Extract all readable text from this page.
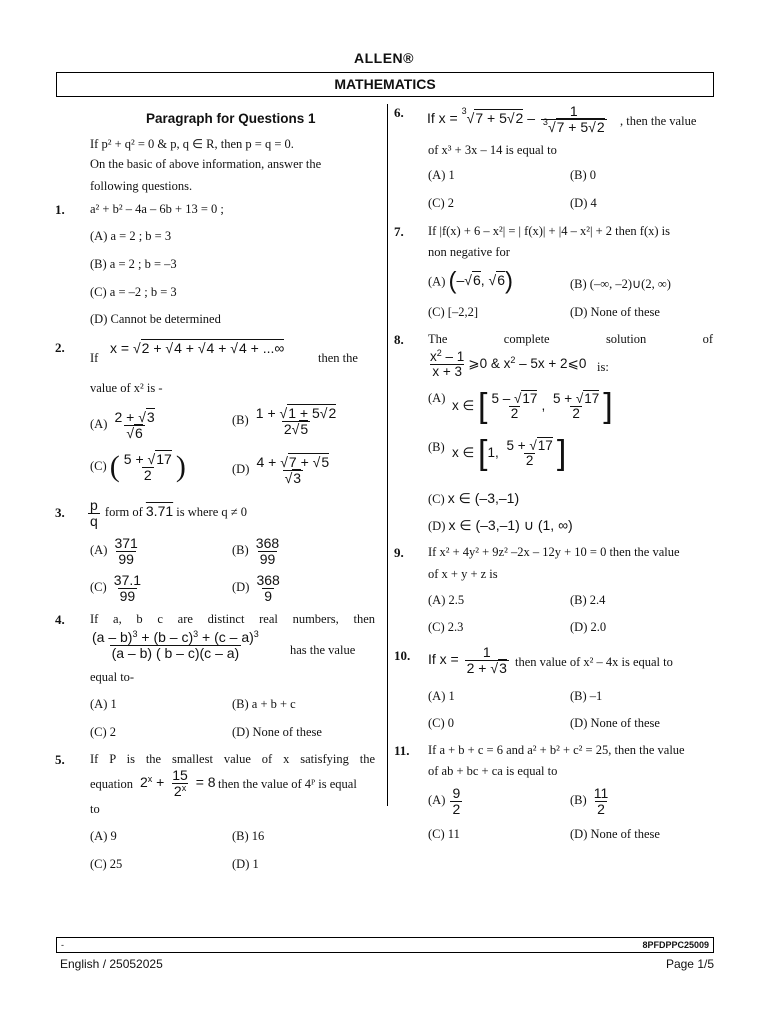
ALLEN®
MATHEMATICS
Paragraph for Questions 1
If p² + q² = 0 & p, q ∈ R, then p = q = 0.
On the basic of above information, answer the
following questions.
1. a² + b² – 4a – 6b + 13 = 0 ;
(A) a = 2 ; b = 3
(B) a = 2 ; b = –3
(C) a = –2 ; b = 3
(D) Cannot be determined
2.
If
x = √2 + √4 + √4 + √4 + ...∞
then the
value of x² is -
$(A) \frac{2 + √3}{√6}$	$(B) \frac{1 + √1 + 5√2}{2√5}$
(C) ( $\frac{5 + √17}{2}$ )	$(D) \frac{4 + √7 + √5}{√3}$
3. $\frac{p}{q}$ form of 3.71 is where q ≠ 0
$(A) \frac{371}{99}$	$(B) \frac{368}{99}$
$(C) \frac{37.1}{99}$	$(D) \frac{368}{9}$
4. If a, b c are distinct real numbers, then
$\frac{(a - b)^3 + (b - c)^3 + (c - a)^3}{(a - b) ( b - c)(c - a)}$ has the value
equal to-
(A) 1	(B) a + b + c
(C) 2	(D) None of these
5. If P is the smallest value of x satisfying the
equation $2^x + \frac{15}{2^x} = 8$ then the value of 4ᴾ is equal
to
(A) 9	(B) 16
(C) 25	(D) 1
6. If $x = ^3√7 + 5√2 - \frac{1}{^3√7 + 5√2}$ , then the value
of x³ + 3x – 14 is equal to
(A) 1	(B) 0
(C) 2	(D) 4
7. If |f(x) + 6 – x²| = | f(x)| + |4 – x²| + 2 then f(x) is
non negative for
(A) (–√6, √6)	(B) (–∞, –2)∪(2, ∞)
(C) [–2,2]	(D) None of these
8. The complete solution of
$\frac{x^2 - 1}{x + 3}$ ⩾0 & $x^2 - 5x$ + 2⩽0 is:
(A)
x ∈ [ $\frac{5 - √17}{2}$ , $\frac{5 + √17}{2}$ ]
(B) x ∈ [1, $\frac{5 + √17}{2}$ ]
(C) x ∈ (–3,–1)
(D) x ∈ (–3,–1) ∪ (1, ∞)
9. If x² + 4y² + 9z² –2x – 12y + 10 = 0 then the value
of x + y + z is
(A) 2.5	(B) 2.4
(C) 2.3	(D) 2.0
10. If $x = \frac{1}{2 + √3}$ then value of x² – 4x is equal to
(A) 1	(B) –1
(C) 0	(D) None of these
11. If a + b + c = 6 and a² + b² + c² = 25, then the value
of ab + bc + ca is equal to
$(A) \frac{9}{2}$	$(B) \frac{11}{2}$
(C) 11	(D) None of these
-	8PFDPPC25009
English / 25052025	Page 1/5
